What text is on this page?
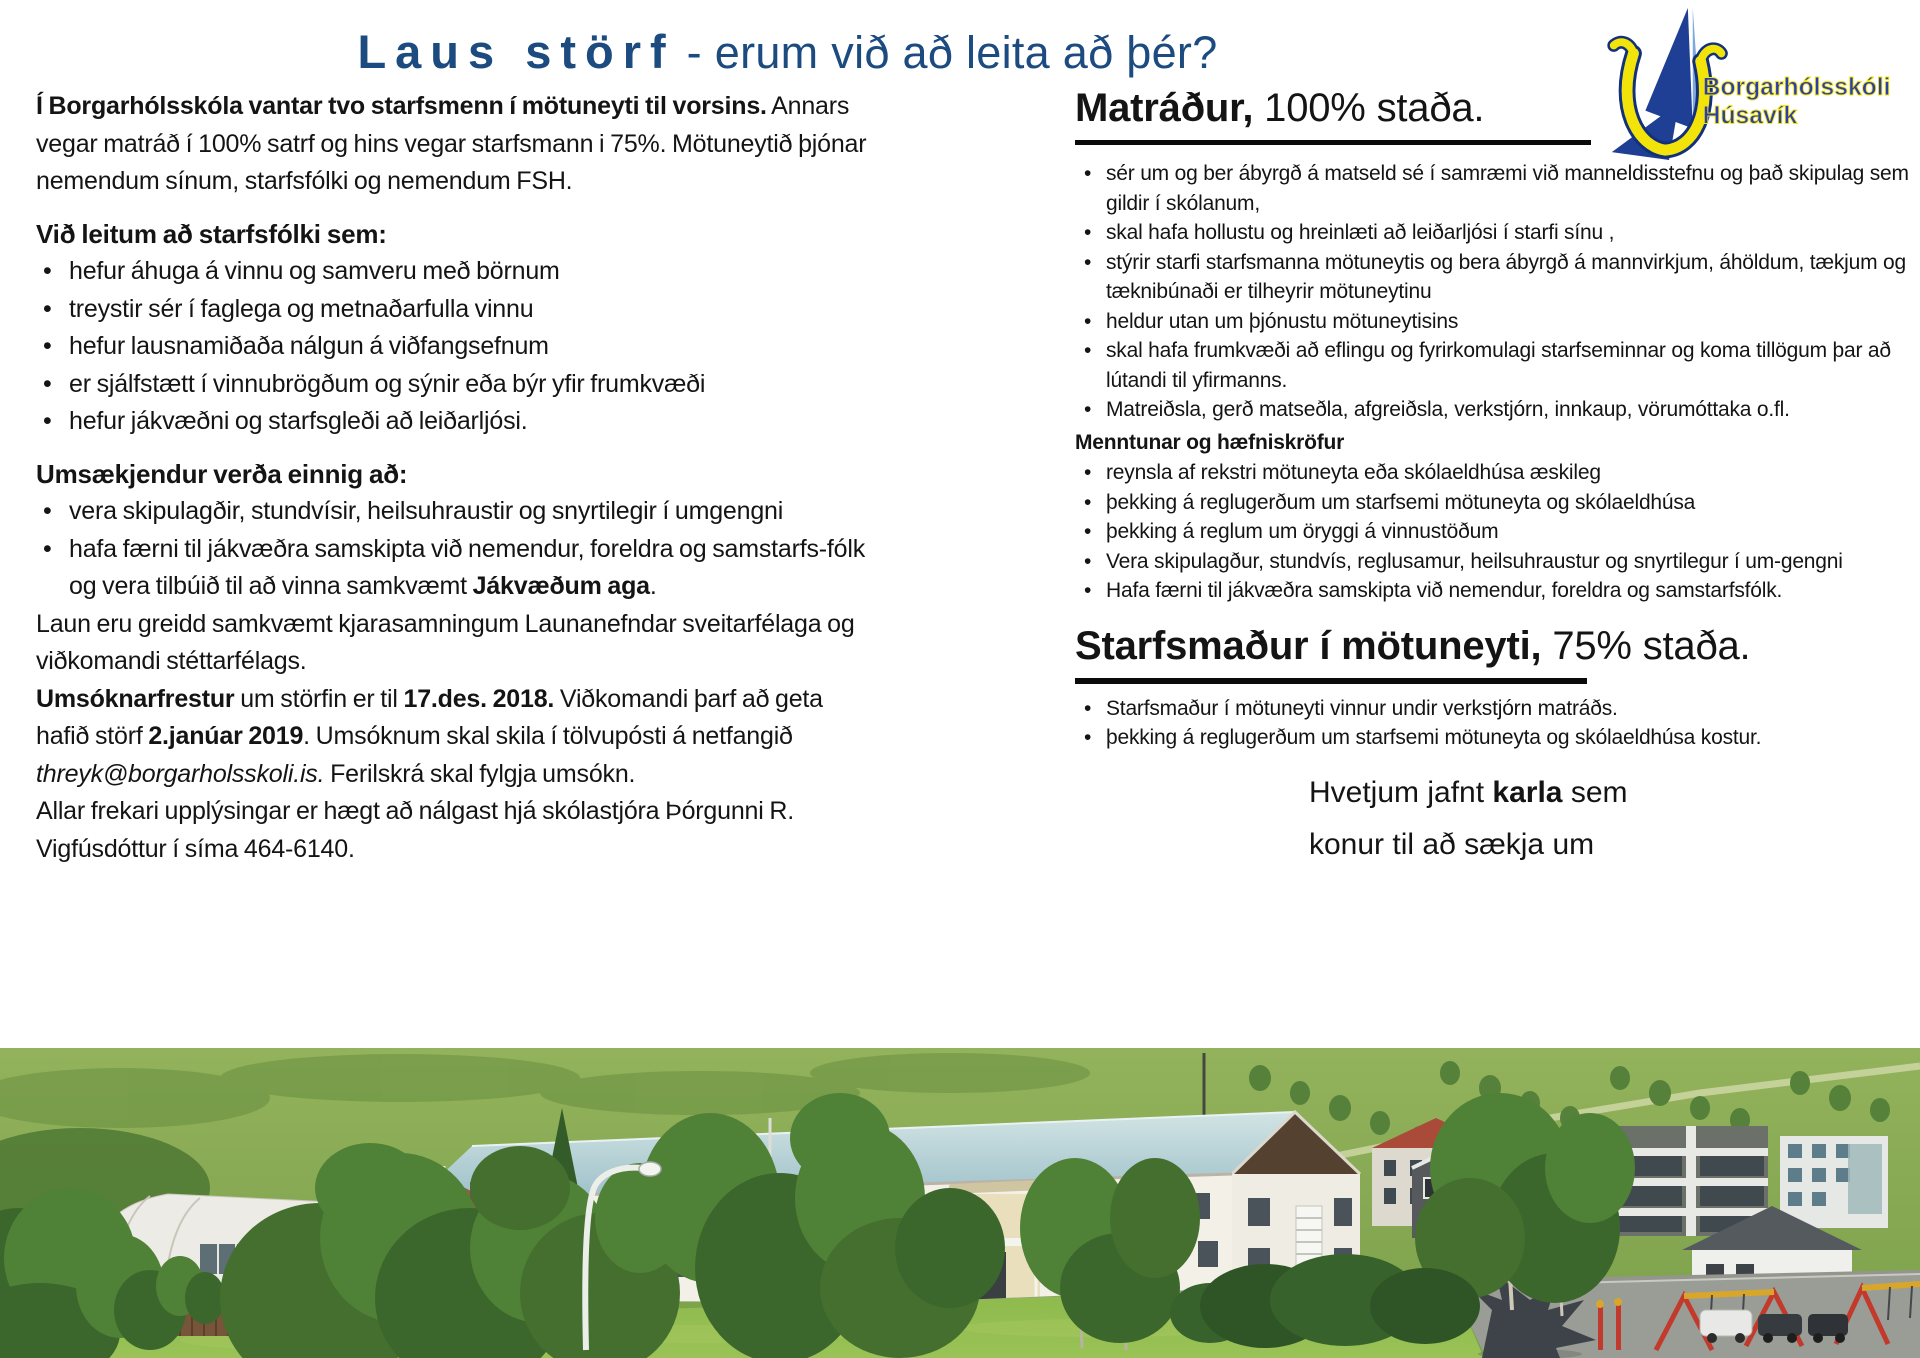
Laus störf - erum við að leita að þér?
Borgarhólsskóli
Húsavík

Í Borgarhólsskóla vantar tvo starfsmenn í mötuneyti til vorsins. Annars vegar matráð í 100% satrf og hins vegar starfsmann i 75%. Mötuneytið þjónar nemendum sínum, starfsfólki og nemendum FSH.

Við leitum að starfsfólki sem:
• hefur áhuga á vinnu og samveru með börnum
• treystir sér í faglega og metnaðarfulla vinnu
• hefur lausnamiðaða nálgun á viðfangsefnum
• er sjálfstætt í vinnubrögðum og sýnir eða býr yfir frumkvæði
• hefur jákvæðni og starfsgleði að leiðarljósi.
Umsækjendur verða einnig að:
• vera skipulagðir, stundvísir, heilsuhraustir og snyrtilegir í umgengni
• hafa færni til jákvæðra samskipta við nemendur, foreldra og samstarfs-fólk og vera tilbúið til að vinna samkvæmt Jákvæðum aga.

Laun eru greidd samkvæmt kjarasamningum Launanefndar sveitarfélaga og viðkomandi stéttarfélags.

Umsóknarfrestur um störfin er til 17.des. 2018. Viðkomandi þarf að geta hafið störf 2.janúar 2019. Umsóknum skal skila í tölvupósti á netfangið threyk@borgarholsskoli.is. Ferilskrá skal fylgja umsókn.

Allar frekari upplýsingar er hægt að nálgast hjá skólastjóra Þórgunni R. Vigfúsdóttur í síma 464-6140.

Matráður, 100% staða.
• sér um og ber ábyrgð á matseld sé í samræmi við manneldisstefnu og það skipulag sem gildir í skólanum,
• skal hafa hollustu og hreinlæti að leiðarljósi í starfi sínu ,
• stýrir starfi starfsmanna mötuneytis og bera ábyrgð á mannvirkjum, áhöldum, tækjum og tæknibúnaði er tilheyrir mötuneytinu
• heldur utan um þjónustu mötuneytisins
• skal hafa frumkvæði að eflingu og fyrirkomulagi starfseminnar og koma tillögum þar að lútandi til yfirmanns.
• Matreiðsla, gerð matseðla, afgreiðsla, verkstjórn, innkaup, vörumóttaka o.fl.
Menntunar og hæfniskröfur
• reynsla af rekstri mötuneyta eða skólaeldhúsa æskileg
• þekking á reglugerðum um starfsemi mötuneyta og skólaeldhúsa
• þekking á reglum um öryggi á vinnustöðum
• Vera skipulagður, stundvís, reglusamur, heilsuhraustur og snyrtilegur í um-gengni
• Hafa færni til jákvæðra samskipta við nemendur, foreldra og samstarfsfólk.
Starfsmaður í mötuneyti, 75% staða.
• Starfsmaður í mötuneyti vinnur undir verkstjórn matráðs.
• þekking á reglugerðum um starfsemi mötuneyta og skólaeldhúsa kostur.

Hvetjum jafnt karla sem konur til að sækja um
